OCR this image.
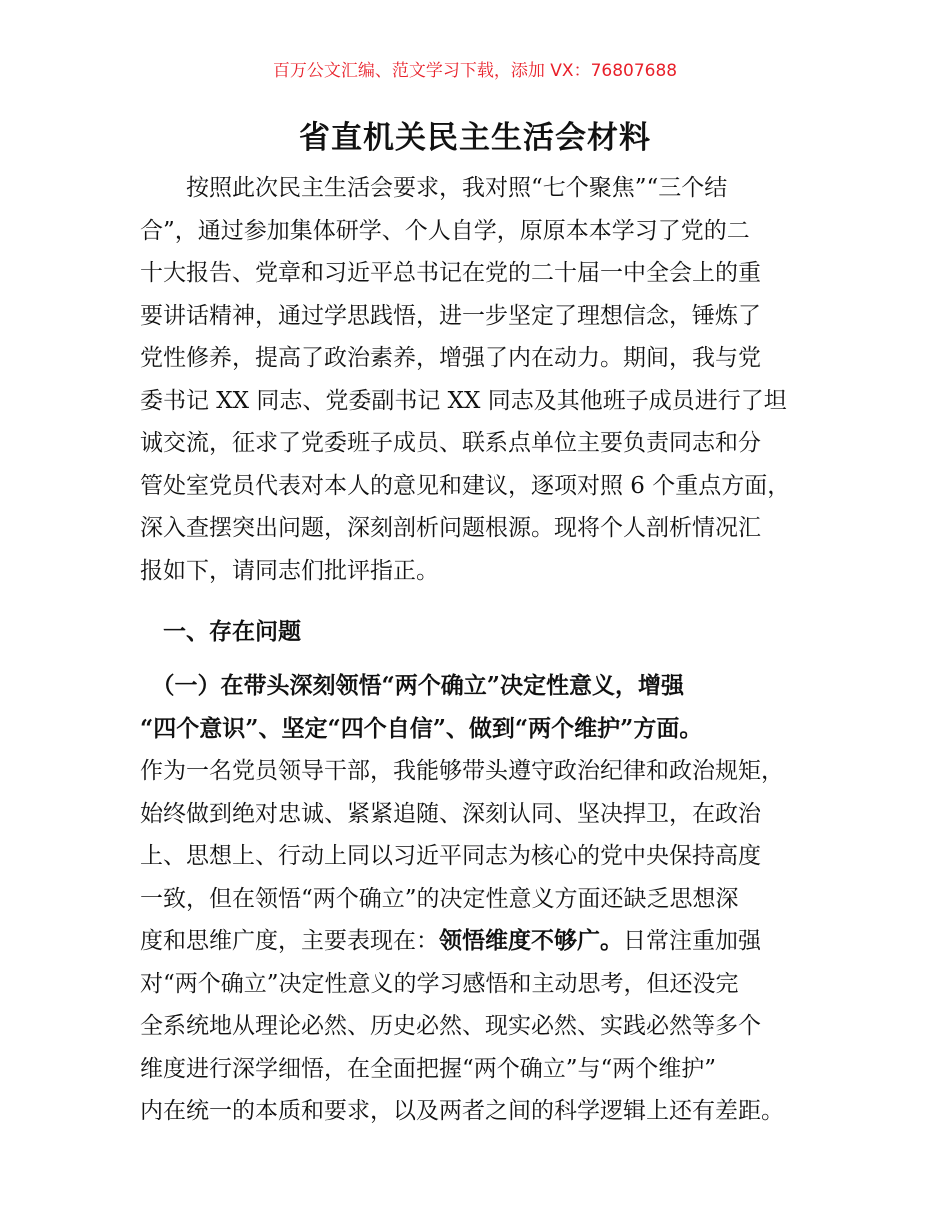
百万公文汇编、范文学习下载，添加 VX：76807688
省直机关民主生活会材料
　　按照此次民主生活会要求，我对照“七个聚焦”“三个结
合”，通过参加集体研学、个人自学，原原本本学习了党的二
十大报告、党章和习近平总书记在党的二十届一中全会上的重
要讲话精神，通过学思践悟，进一步坚定了理想信念，锤炼了
党性修养，提高了政治素养，增强了内在动力。期间，我与党
委书记 XX 同志、党委副书记 XX 同志及其他班子成员进行了坦
诚交流，征求了党委班子成员、联系点单位主要负责同志和分
管处室党员代表对本人的意见和建议，逐项对照 6 个重点方面，
深入查摆突出问题，深刻剖析问题根源。现将个人剖析情况汇
报如下，请同志们批评指正。
　一、存在问题
　（一）在带头深刻领悟“两个确立”决定性意义，增强
“四个意识”、坚定“四个自信”、做到“两个维护”方面。
作为一名党员领导干部，我能够带头遵守政治纪律和政治规矩，
始终做到绝对忠诚、紧紧追随、深刻认同、坚决捍卫，在政治
上、思想上、行动上同以习近平同志为核心的党中央保持高度
一致，但在领悟“两个确立”的决定性意义方面还缺乏思想深
度和思维广度，主要表现在：领悟维度不够广。日常注重加强
对“两个确立”决定性意义的学习感悟和主动思考，但还没完
全系统地从理论必然、历史必然、现实必然、实践必然等多个
维度进行深学细悟，在全面把握“两个确立”与“两个维护”
内在统一的本质和要求，以及两者之间的科学逻辑上还有差距。
